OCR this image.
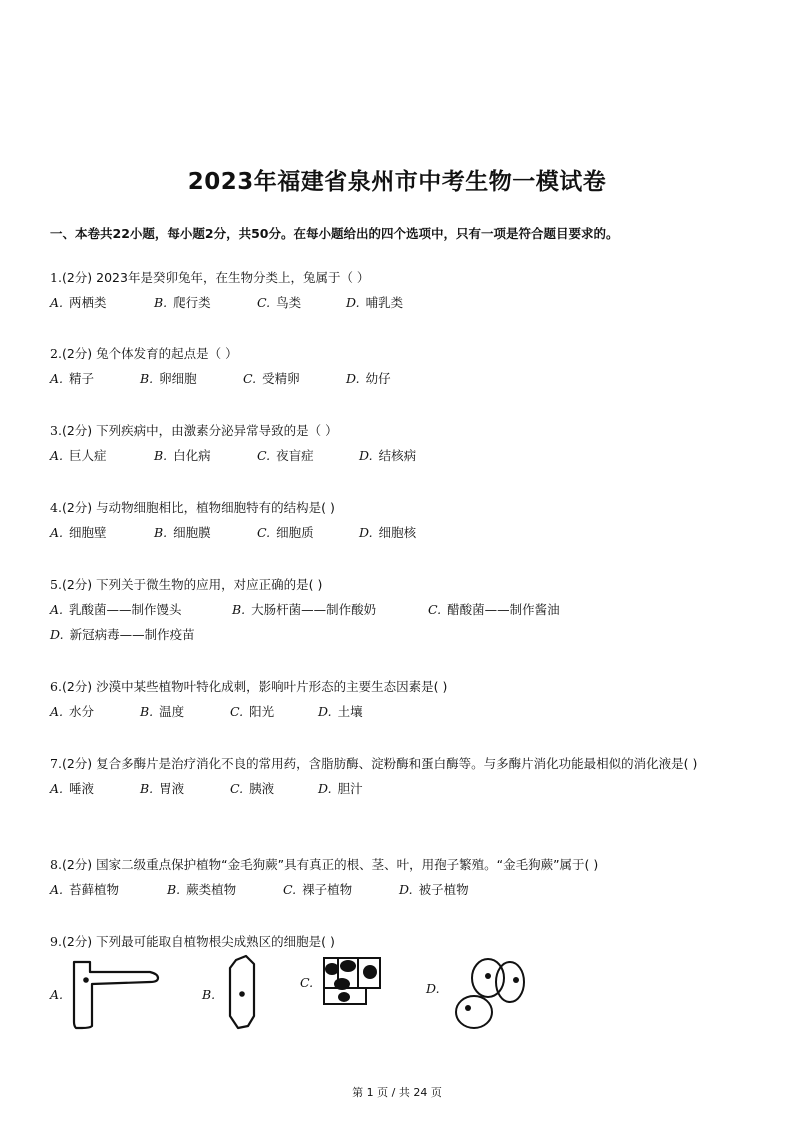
2023年福建省泉州市中考生物一模试卷
一、本卷共22小题，每小题2分，共50分。在每小题给出的四个选项中，只有一项是符合题目要求的。
1.(2分) 2023年是癸卯兔年，在生物分类上，兔属于（ ）
A. 两栖类	B. 爬行类	C. 鸟类	D. 哺乳类
2.(2分) 兔个体发育的起点是（ ）
A. 精子	B. 卵细胞	C. 受精卵	D. 幼仔
3.(2分) 下列疾病中，由激素分泌异常导致的是（ ）
A. 巨人症	B. 白化病	C. 夜盲症	D. 结核病
4.(2分) 与动物细胞相比，植物细胞特有的结构是( )
A. 细胞壁	B. 细胞膜	C. 细胞质	D. 细胞核
5.(2分) 下列关于微生物的应用，对应正确的是( )
A. 乳酸菌——制作馒头	B. 大肠杆菌——制作酸奶	C. 醋酸菌——制作酱油
D. 新冠病毒——制作疫苗
6.(2分) 沙漠中某些植物叶特化成刺，影响叶片形态的主要生态因素是( )
A. 水分	B. 温度	C. 阳光	D. 土壤
7.(2分) 复合多酶片是治疗消化不良的常用药，含脂肪酶、淀粉酶和蛋白酶等。与多酶片消化功能最相似的消化液是( )
A. 唾液	B. 胃液	C. 胰液	D. 胆汁
8.(2分) 国家二级重点保护植物“金毛狗蕨”具有真正的根、茎、叶，用孢子繁殖。“金毛狗蕨”属于( )
A. 苔藓植物	B. 蕨类植物	C. 裸子植物	D. 被子植物
9.(2分) 下列最可能取自植物根尖成熟区的细胞是( )
A.	B.
C.	D.
第 1 页 / 共 24 页
